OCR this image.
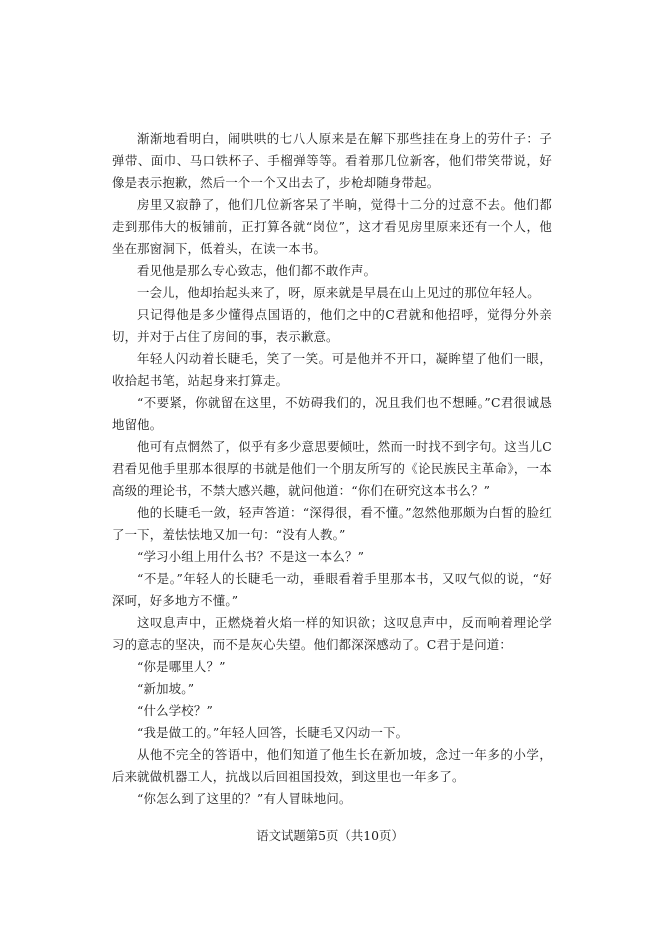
渐渐地看明白，闹哄哄的七八人原来是在解下那些挂在身上的劳什子：子弹带、面巾、马口铁杯子、手榴弹等等。看着那几位新客，他们带笑带说，好像是表示抱歉，然后一个一个又出去了，步枪却随身带起。

房里又寂静了，他们几位新客呆了半晌，觉得十二分的过意不去。他们都走到那伟大的板铺前，正打算各就“岗位”，这才看见房里原来还有一个人，他坐在那窗洞下，低着头，在读一本书。

看见他是那么专心致志，他们都不敢作声。

一会儿，他却抬起头来了，呀，原来就是早晨在山上见过的那位年轻人。

只记得他是多少懂得点国语的，他们之中的C君就和他招呼，觉得分外亲切，并对于占住了房间的事，表示歉意。

年轻人闪动着长睫毛，笑了一笑。可是他并不开口，凝眸望了他们一眼，收拾起书笔，站起身来打算走。

“不要紧，你就留在这里，不妨碍我们的，况且我们也不想睡。”C君很诚恳地留他。

他可有点惘然了，似乎有多少意思要倾吐，然而一时找不到字句。这当儿C君看见他手里那本很厚的书就是他们一个朋友所写的《论民族民主革命》，一本高级的理论书，不禁大感兴趣，就问他道：“你们在研究这本书么？”

他的长睫毛一敛，轻声答道：“深得很，看不懂。”忽然他那颇为白皙的脸红了一下，羞怯怯地又加一句：“没有人教。”

“学习小组上用什么书？不是这一本么？”

“不是。”年轻人的长睫毛一动，垂眼看着手里那本书，又叹气似的说，“好深呵，好多地方不懂。”

这叹息声中，正燃烧着火焰一样的知识欲；这叹息声中，反而响着理论学习的意志的坚决，而不是灰心失望。他们都深深感动了。C君于是问道：

“你是哪里人？”

“新加坡。”

“什么学校？”

“我是做工的。”年轻人回答，长睫毛又闪动一下。

从他不完全的答语中，他们知道了他生长在新加坡，念过一年多的小学，后来就做机器工人，抗战以后回祖国投效，到这里也一年多了。

“你怎么到了这里的？”有人冒昧地问。

语文试题第5页（共10页）
